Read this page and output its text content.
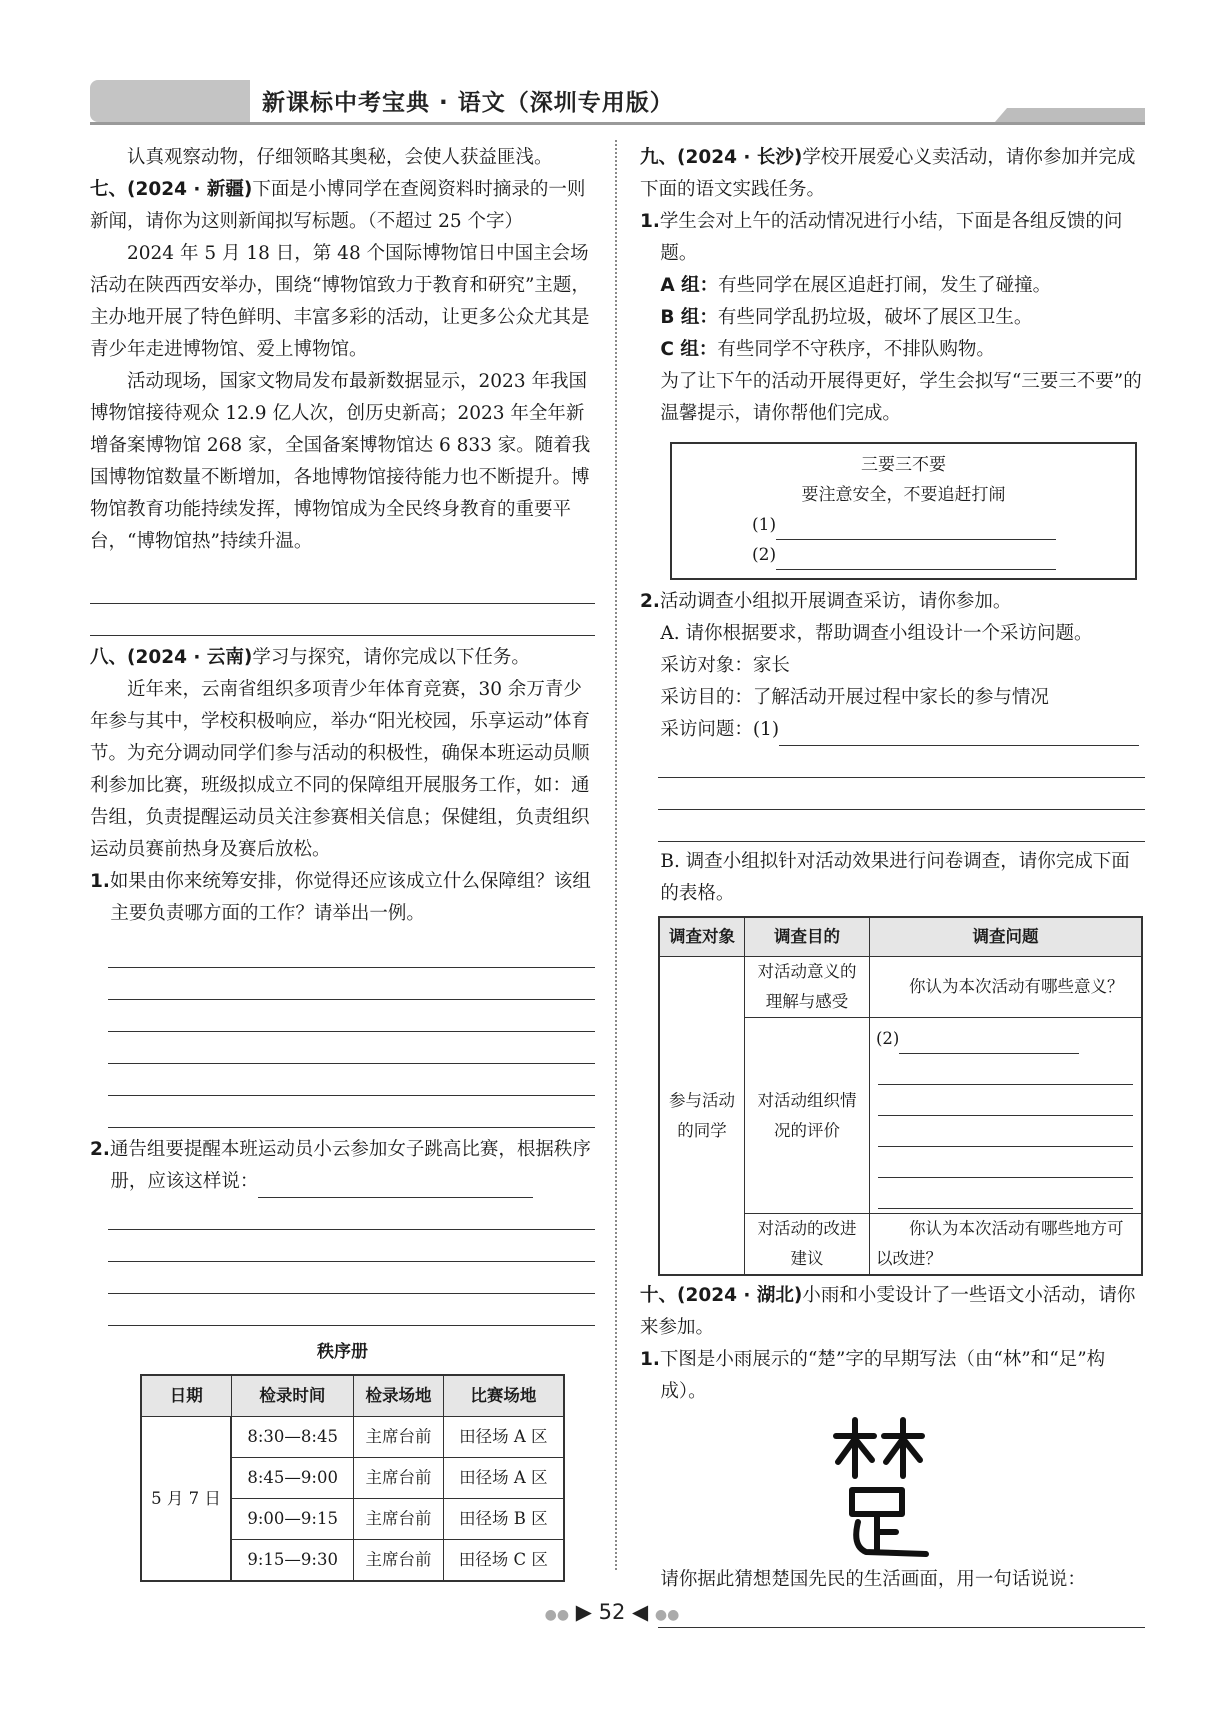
新课标中考宝典 · 语文（深圳专用版）

认真观察动物，仔细领略其奥秘，会使人获益匪浅。

七、(2024 · 新疆)下面是小博同学在查阅资料时摘录的一则新闻，请你为这则新闻拟写标题。（不超过 25 个字）

2024 年 5 月 18 日，第 48 个国际博物馆日中国主会场活动在陕西西安举办，围绕“博物馆致力于教育和研究”主题，主办地开展了特色鲜明、丰富多彩的活动，让更多公众尤其是青少年走进博物馆、爱上博物馆。

活动现场，国家文物局发布最新数据显示，2023 年我国博物馆接待观众 12.9 亿人次，创历史新高；2023 年全年新增备案博物馆 268 家，全国备案博物馆达 6 833 家。随着我国博物馆数量不断增加，各地博物馆接待能力也不断提升。博物馆教育功能持续发挥，博物馆成为全民终身教育的重要平台，“博物馆热”持续升温。

八、(2024 · 云南)学习与探究，请你完成以下任务。

近年来，云南省组织多项青少年体育竞赛，30 余万青少年参与其中，学校积极响应，举办“阳光校园，乐享运动”体育节。为充分调动同学们参与活动的积极性，确保本班运动员顺利参加比赛，班级拟成立不同的保障组开展服务工作，如：通告组，负责提醒运动员关注参赛相关信息；保健组，负责组织运动员赛前热身及赛后放松。

1.如果由你来统筹安排，你觉得还应该成立什么保障组？该组主要负责哪方面的工作？请举出一例。

2.通告组要提醒本班运动员小云参加女子跳高比赛，根据秩序册，应该这样说：

秩序册
日期	检录时间	检录场地	比赛场地
5 月 7 日	8:30—8:45	主席台前	田径场 A 区
	8:45—9:00	主席台前	田径场 A 区
	9:00—9:15	主席台前	田径场 B 区
	9:15—9:30	主席台前	田径场 C 区

九、(2024 · 长沙)学校开展爱心义卖活动，请你参加并完成下面的语文实践任务。

1.学生会对上午的活动情况进行小结，下面是各组反馈的问题。

A 组：有些同学在展区追赶打闹，发生了碰撞。

B 组：有些同学乱扔垃圾，破坏了展区卫生。

C 组：有些同学不守秩序，不排队购物。

为了让下午的活动开展得更好，学生会拟写“三要三不要”的温馨提示，请你帮他们完成。

三要三不要
要注意安全，不要追赶打闹
(1)
(2)

2.活动调查小组拟开展调查采访，请你参加。

A. 请你根据要求，帮助调查小组设计一个采访问题。

采访对象：家长

采访目的：了解活动开展过程中家长的参与情况

采访问题：(1)

B. 调查小组拟针对活动效果进行问卷调查，请你完成下面的表格。

调查对象	调查目的	调查问题
参与活动的同学	对活动意义的理解与感受	你认为本次活动有哪些意义？
	对活动组织情况的评价	(2)

	对活动的改进建议	你认为本次活动有哪些地方可以改进？

十、(2024 · 湖北)小雨和小雯设计了一些语文小活动，请你来参加。

1.下图是小雨展示的“楚”字的早期写法（由“林”和“足”构成）。

请你据此猜想楚国先民的生活画面，用一句话说说：

●● ▶ 52 ◀ ●●
